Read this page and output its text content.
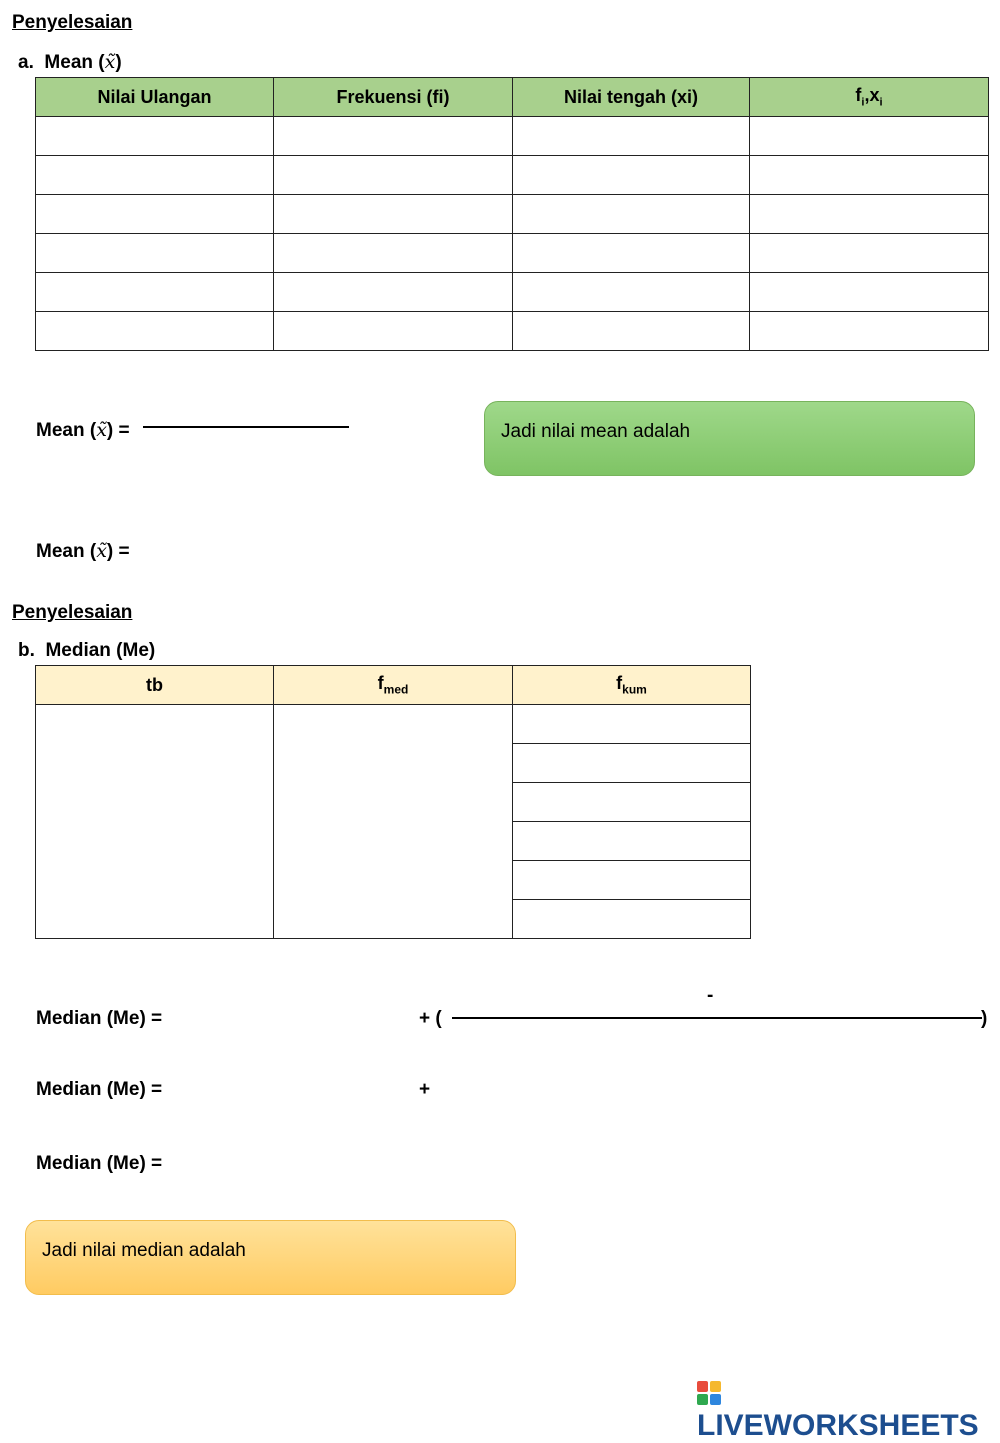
Penyelesaian
a. Mean (x̃)
Nilai Ulangan	Frekuensi (fi)	Nilai tengah (xi)	$f_i,x_i$

Mean (x̃) =	Jadi nilai mean adalah
Mean (x̃) =
Penyelesaian
b.  Median (Me)
tb	$f_{med}$	$f_{kum}$

Median (Me) =	+ (
-
)
Median (Me) =	+
Median (Me) =
Jadi nilai median adalah
LIVEWORKSHEETS
